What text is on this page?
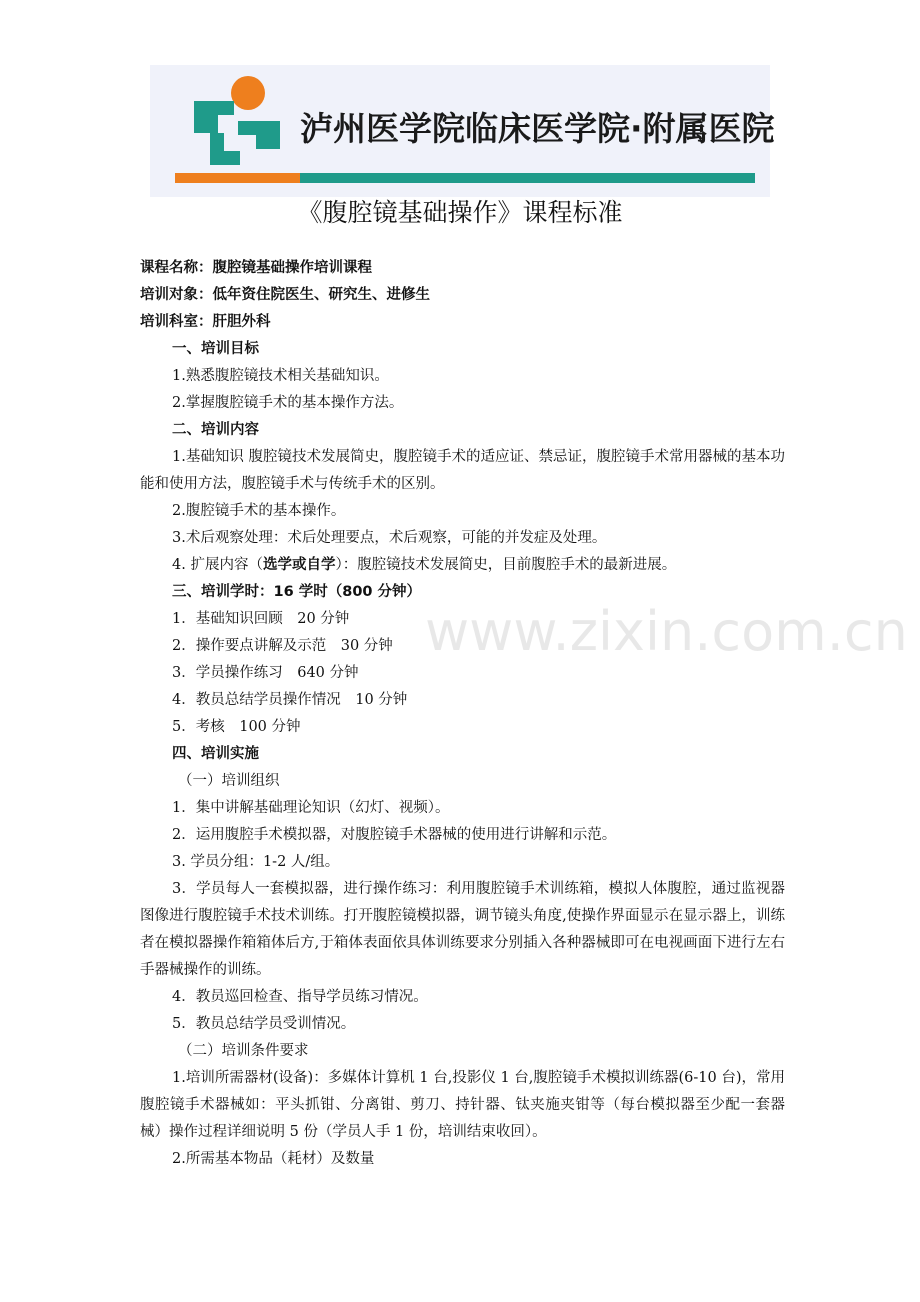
泸州医学院临床医学院·附属医院
《腹腔镜基础操作》课程标准
www.zixin.com.cn
课程名称：腹腔镜基础操作培训课程
培训对象：低年资住院医生、研究生、进修生
培训科室：肝胆外科
一、培训目标
1.熟悉腹腔镜技术相关基础知识。
2.掌握腹腔镜手术的基本操作方法。
二、培训内容
1.基础知识 腹腔镜技术发展简史，腹腔镜手术的适应证、禁忌证，腹腔镜手术常用器械的基本功能和使用方法，腹腔镜手术与传统手术的区别。
2.腹腔镜手术的基本操作。
3.术后观察处理：术后处理要点，术后观察，可能的并发症及处理。
4. 扩展内容（选学或自学）：腹腔镜技术发展简史，目前腹腔手术的最新进展。
三、培训学时：16 学时（800 分钟）
1．基础知识回顾　20 分钟
2．操作要点讲解及示范　30 分钟
3．学员操作练习　640 分钟
4．教员总结学员操作情况　10 分钟
5．考核　100 分钟
四、培训实施
（一）培训组织
1．集中讲解基础理论知识（幻灯、视频）。
2．运用腹腔手术模拟器，对腹腔镜手术器械的使用进行讲解和示范。
3. 学员分组：1-2 人/组。
3．学员每人一套模拟器，进行操作练习：利用腹腔镜手术训练箱，模拟人体腹腔，通过监视器图像进行腹腔镜手术技术训练。打开腹腔镜模拟器，调节镜头角度,使操作界面显示在显示器上，训练者在模拟器操作箱箱体后方,于箱体表面依具体训练要求分别插入各种器械即可在电视画面下进行左右手器械操作的训练。
4．教员巡回检查、指导学员练习情况。
5．教员总结学员受训情况。
（二）培训条件要求
1.培训所需器材(设备)：多媒体计算机 1 台,投影仪 1 台,腹腔镜手术模拟训练器(6-10 台)，常用腹腔镜手术器械如：平头抓钳、分离钳、剪刀、持针器、钛夹施夹钳等（每台模拟器至少配一套器械）操作过程详细说明 5 份（学员人手 1 份，培训结束收回）。
2.所需基本物品（耗材）及数量
